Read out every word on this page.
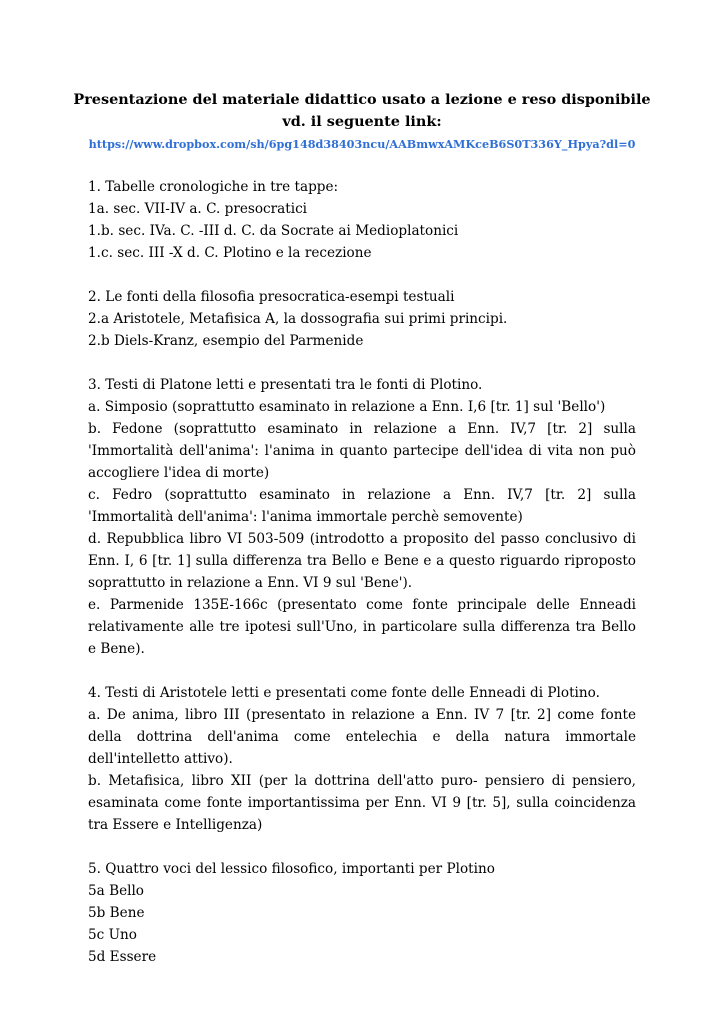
Presentazione del materiale didattico usato a lezione e reso disponibile
vd. il seguente link:
https://www.dropbox.com/sh/6pg148d38403ncu/AABmwxAMKceB6S0T336Y_Hpya?dl=0
1. Tabelle cronologiche in tre tappe:
1a. sec. VII-IV a. C. presocratici
1.b. sec. IVa. C. -III d. C. da Socrate ai Medioplatonici
1.c. sec. III -X d. C. Plotino e la recezione
2. Le fonti della filosofia presocratica-esempi testuali
2.a Aristotele, Metafisica A, la dossografia sui primi principi.
2.b Diels-Kranz, esempio del Parmenide
3. Testi di Platone letti e presentati tra le fonti di Plotino.
a. Simposio (soprattutto esaminato in relazione a Enn. I,6 [tr. 1] sul 'Bello')
b. Fedone (soprattutto esaminato in relazione a Enn. IV,7 [tr. 2] sulla 'Immortalità dell'anima': l'anima in quanto partecipe dell'idea di vita non può accogliere l'idea di morte)
c. Fedro (soprattutto esaminato in relazione a Enn. IV,7 [tr. 2] sulla 'Immortalità dell'anima': l'anima immortale perchè semovente)
d. Repubblica libro VI 503-509 (introdotto a proposito del passo conclusivo di Enn. I, 6 [tr. 1] sulla differenza tra Bello e Bene e a questo riguardo riproposto soprattutto in relazione a Enn. VI 9 sul 'Bene').
e. Parmenide 135E-166c (presentato come fonte principale delle Enneadi relativamente alle tre ipotesi sull'Uno, in particolare sulla differenza tra Bello e Bene).
4. Testi di Aristotele letti e presentati come fonte delle Enneadi di Plotino.
a. De anima, libro III (presentato in relazione a Enn. IV 7 [tr. 2] come fonte della dottrina dell'anima come entelechia e della natura immortale dell'intelletto attivo).
b. Metafisica, libro XII (per la dottrina dell'atto puro- pensiero di pensiero, esaminata come fonte importantissima per Enn. VI 9 [tr. 5], sulla coincidenza tra Essere e Intelligenza)
5. Quattro voci del lessico filosofico, importanti per Plotino
5a Bello
5b Bene
5c Uno
5d Essere
